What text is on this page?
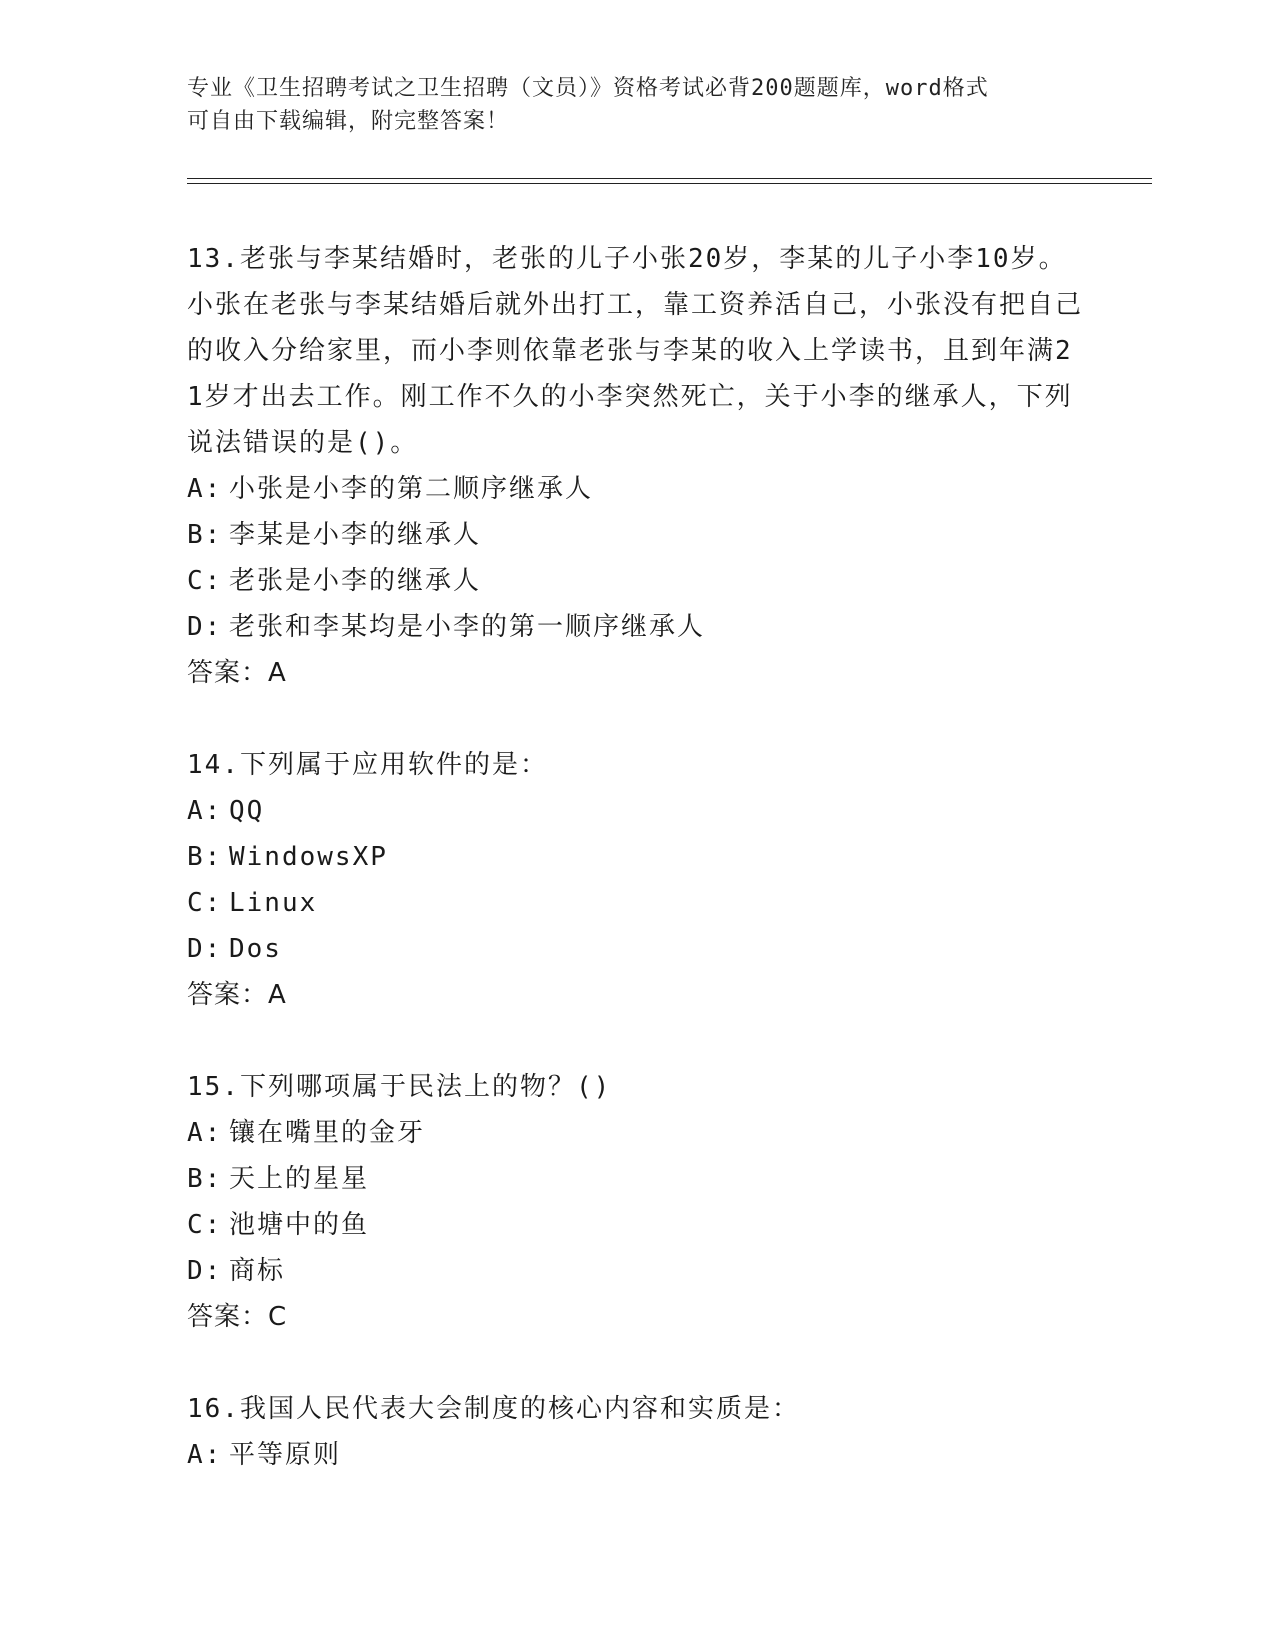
专业《卫生招聘考试之卫生招聘（文员）》资格考试必背200题题库，word格式
可自由下载编辑，附完整答案！

13.老张与李某结婚时，老张的儿子小张20岁，李某的儿子小李10岁。小张在老张与李某结婚后就外出打工，靠工资养活自己，小张没有把自己的收入分给家里，而小李则依靠老张与李某的收入上学读书，且到年满21岁才出去工作。刚工作不久的小李突然死亡，关于小李的继承人，下列说法错误的是()。

A: 小张是小李的第二顺序继承人

B: 李某是小李的继承人

C: 老张是小李的继承人

D: 老张和李某均是小李的第一顺序继承人

答案：A

14.下列属于应用软件的是：

A: QQ

B: WindowsXP

C: Linux

D: Dos

答案：A

15.下列哪项属于民法上的物？()

A: 镶在嘴里的金牙

B: 天上的星星

C: 池塘中的鱼

D: 商标

答案：C

16.我国人民代表大会制度的核心内容和实质是：

A: 平等原则
